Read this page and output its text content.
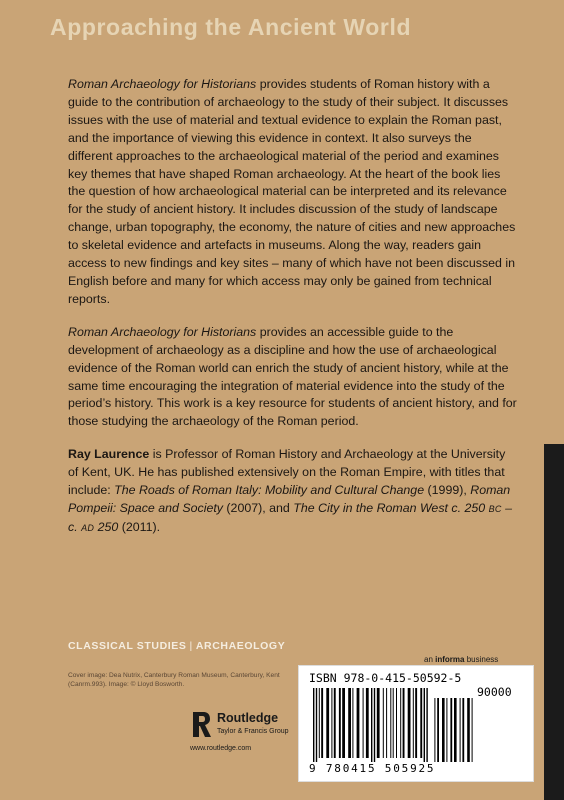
Approaching the Ancient World

Roman Archaeology for Historians provides students of Roman history with a guide to the contribution of archaeology to the study of their subject. It discusses issues with the use of material and textual evidence to explain the Roman past, and the importance of viewing this evidence in context. It also surveys the different approaches to the archaeological material of the period and examines key themes that have shaped Roman archaeology. At the heart of the book lies the question of how archaeological material can be interpreted and its relevance for the study of ancient history. It includes discussion of the study of landscape change, urban topography, the economy, the nature of cities and new approaches to skeletal evidence and artefacts in museums. Along the way, readers gain access to new findings and key sites – many of which have not been discussed in English before and many for which access may only be gained from technical reports.

Roman Archaeology for Historians provides an accessible guide to the development of archaeology as a discipline and how the use of archaeological evidence of the Roman world can enrich the study of ancient history, while at the same time encouraging the integration of material evidence into the study of the period’s history. This work is a key resource for students of ancient history, and for those studying the archaeology of the Roman period.

Ray Laurence is Professor of Roman History and Archaeology at the University of Kent, UK. He has published extensively on the Roman Empire, with titles that include: The Roads of Roman Italy: Mobility and Cultural Change (1999), Roman Pompeii: Space and Society (2007), and The City in the Roman West c. 250 BC – c. AD 250 (2011).

CLASSICAL STUDIES | ARCHAEOLOGY
an informa business
Cover image: Dea Nutrix, Canterbury Roman Museum, Canterbury, Kent (Canrm.993). Image: © Lloyd Bosworth.
Routledge
Taylor & Francis Group
www.routledge.com
ISBN 978-0-415-50592-5
90000
9 780415 505925
